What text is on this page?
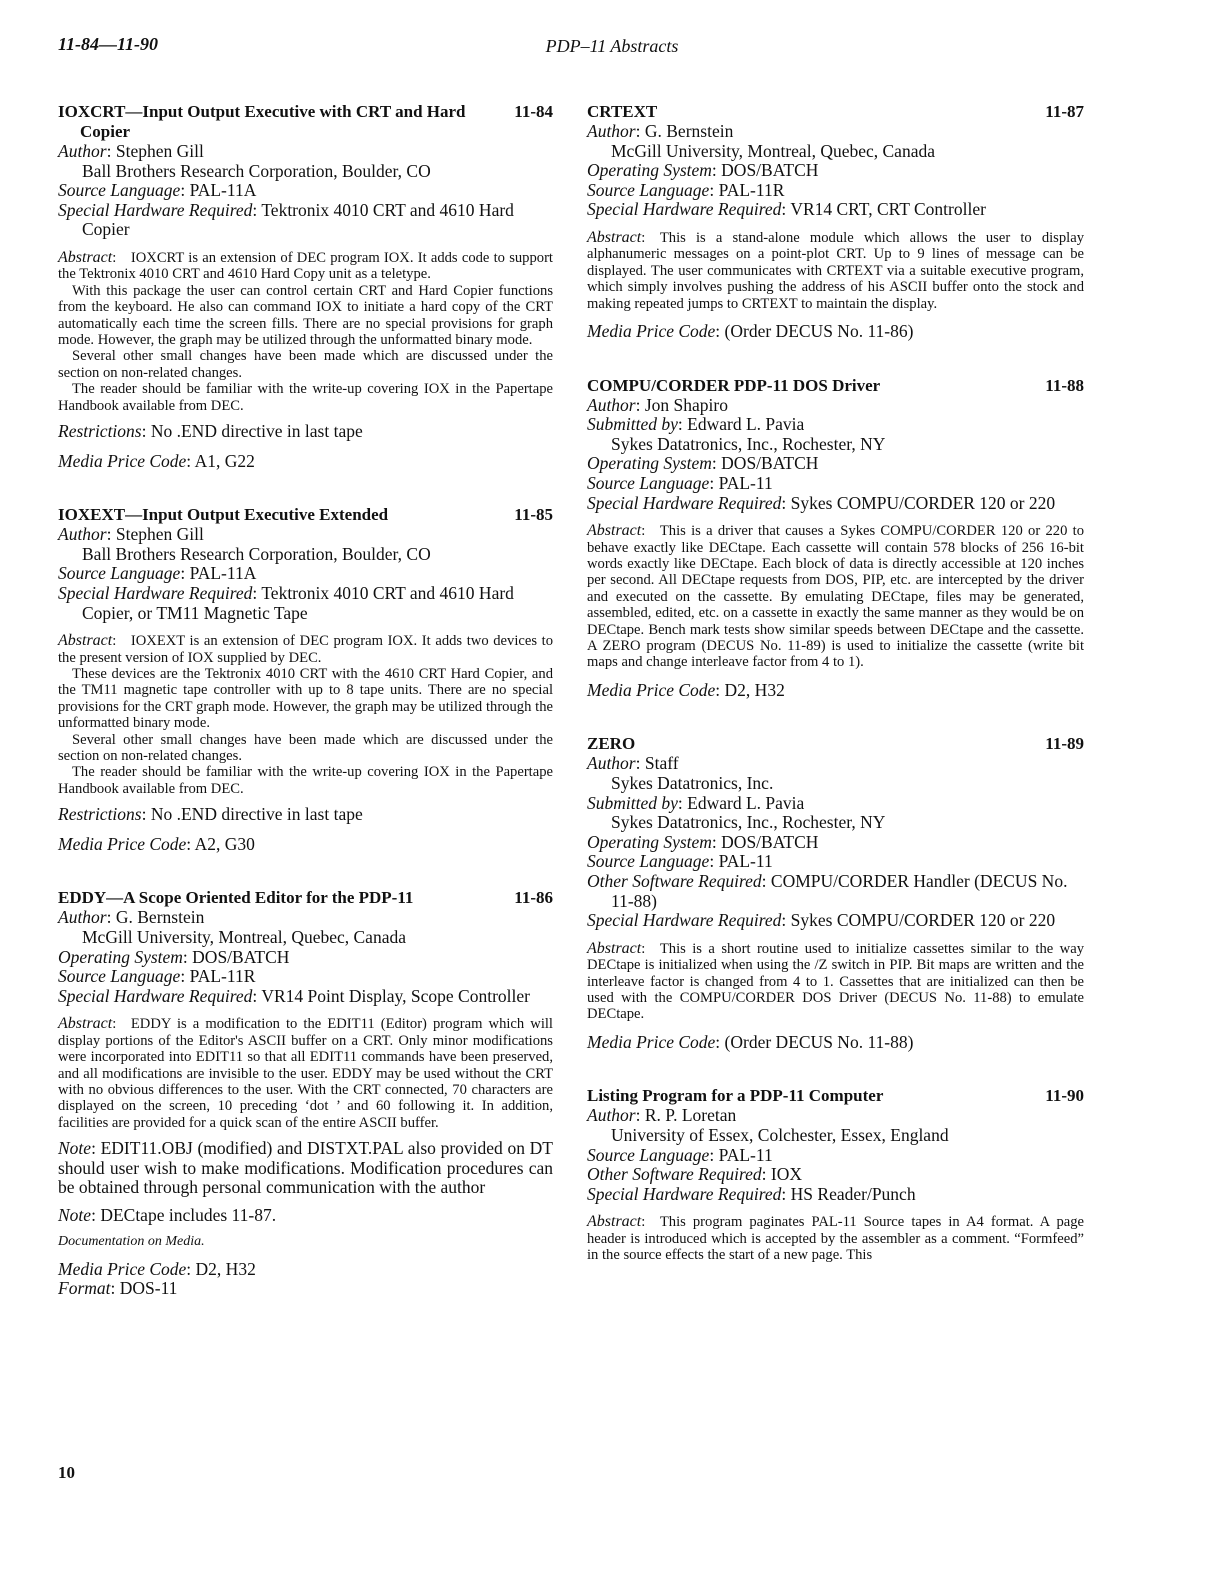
11-84—11-90	PDP–11 Abstracts
IOXCRT—Input Output Executive with CRT and Hard Copier
11-84
Author: Stephen Gill
Ball Brothers Research Corporation, Boulder, CO
Source Language: PAL-11A
Special Hardware Required: Tektronix 4010 CRT and 4610 Hard Copier

Abstract: IOXCRT is an extension of DEC program IOX. It adds code to support the Tektronix 4010 CRT and 4610 Hard Copy unit as a teletype.

With this package the user can control certain CRT and Hard Copier functions from the keyboard. He also can command IOX to initiate a hard copy of the CRT automatically each time the screen fills. There are no special provisions for graph mode. However, the graph may be utilized through the unformatted binary mode.

Several other small changes have been made which are discussed under the section on non-related changes.

The reader should be familiar with the write-up covering IOX in the Papertape Handbook available from DEC.

Restrictions: No .END directive in last tape
Media Price Code: A1, G22
IOXEXT—Input Output Executive Extended	11-85
Author: Stephen Gill
Ball Brothers Research Corporation, Boulder, CO
Source Language: PAL-11A
Special Hardware Required: Tektronix 4010 CRT and 4610 Hard Copier, or TM11 Magnetic Tape

Abstract: IOXEXT is an extension of DEC program IOX. It adds two devices to the present version of IOX supplied by DEC.

These devices are the Tektronix 4010 CRT with the 4610 CRT Hard Copier, and the TM11 magnetic tape controller with up to 8 tape units. There are no special provisions for the CRT graph mode. However, the graph may be utilized through the unformatted binary mode.

Several other small changes have been made which are discussed under the section on non-related changes.

The reader should be familiar with the write-up covering IOX in the Papertape Handbook available from DEC.

Restrictions: No .END directive in last tape
Media Price Code: A2, G30
EDDY—A Scope Oriented Editor for the PDP-11	11-86
Author: G. Bernstein
McGill University, Montreal, Quebec, Canada
Operating System: DOS/BATCH
Source Language: PAL-11R
Special Hardware Required: VR14 Point Display, Scope Controller

Abstract: EDDY is a modification to the EDIT11 (Editor) program which will display portions of the Editor's ASCII buffer on a CRT. Only minor modifications were incorporated into EDIT11 so that all EDIT11 commands have been preserved, and all modifications are invisible to the user. EDDY may be used without the CRT with no obvious differences to the user. With the CRT connected, 70 characters are displayed on the screen, 10 preceding ‘dot ’ and 60 following it. In addition, facilities are provided for a quick scan of the entire ASCII buffer.

Note: EDIT11.OBJ (modified) and DISTXT.PAL also provided on DT should user wish to make modifications. Modification procedures can be obtained through personal communication with the author
Note: DECtape includes 11-87.
Documentation on Media.
Media Price Code: D2, H32
Format: DOS-11
CRTEXT	11-87
Author: G. Bernstein
McGill University, Montreal, Quebec, Canada
Operating System: DOS/BATCH
Source Language: PAL-11R
Special Hardware Required: VR14 CRT, CRT Controller

Abstract: This is a stand-alone module which allows the user to display alphanumeric messages on a point-plot CRT. Up to 9 lines of message can be displayed. The user communicates with CRTEXT via a suitable executive program, which simply involves pushing the address of his ASCII buffer onto the stock and making repeated jumps to CRTEXT to maintain the display.

Media Price Code: (Order DECUS No. 11-86)
COMPU/CORDER PDP-11 DOS Driver	11-88
Author: Jon Shapiro
Submitted by: Edward L. Pavia
Sykes Datatronics, Inc., Rochester, NY
Operating System: DOS/BATCH
Source Language: PAL-11
Special Hardware Required: Sykes COMPU/CORDER 120 or 220

Abstract: This is a driver that causes a Sykes COMPU/CORDER 120 or 220 to behave exactly like DECtape. Each cassette will contain 578 blocks of 256 16-bit words exactly like DECtape. Each block of data is directly accessible at 120 inches per second. All DECtape requests from DOS, PIP, etc. are intercepted by the driver and executed on the cassette. By emulating DECtape, files may be generated, assembled, edited, etc. on a cassette in exactly the same manner as they would be on DECtape. Bench mark tests show similar speeds between DECtape and the cassette. A ZERO program (DECUS No. 11-89) is used to initialize the cassette (write bit maps and change interleave factor from 4 to 1).

Media Price Code: D2, H32
ZERO	11-89
Author: Staff
Sykes Datatronics, Inc.
Submitted by: Edward L. Pavia
Sykes Datatronics, Inc., Rochester, NY
Operating System: DOS/BATCH
Source Language: PAL-11
Other Software Required: COMPU/CORDER Handler (DECUS No. 11-88)
Special Hardware Required: Sykes COMPU/CORDER 120 or 220

Abstract: This is a short routine used to initialize cassettes similar to the way DECtape is initialized when using the /Z switch in PIP. Bit maps are written and the interleave factor is changed from 4 to 1. Cassettes that are initialized can then be used with the COMPU/CORDER DOS Driver (DECUS No. 11-88) to emulate DECtape.

Media Price Code: (Order DECUS No. 11-88)
Listing Program for a PDP-11 Computer	11-90
Author: R. P. Loretan
University of Essex, Colchester, Essex, England
Source Language: PAL-11
Other Software Required: IOX
Special Hardware Required: HS Reader/Punch

Abstract: This program paginates PAL-11 Source tapes in A4 format. A page header is introduced which is accepted by the assembler as a comment. “Formfeed” in the source effects the start of a new page. This

10
